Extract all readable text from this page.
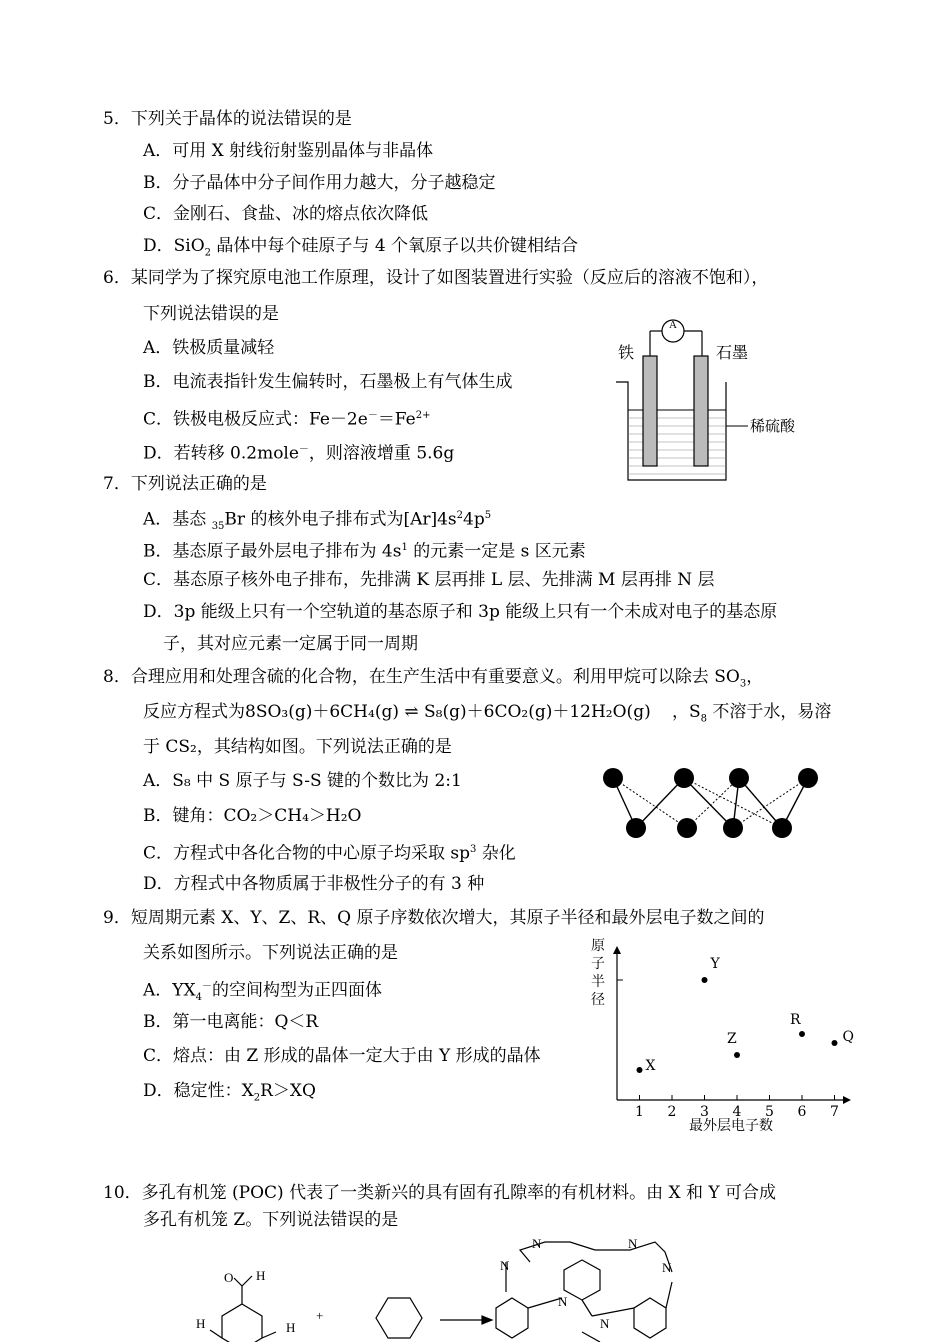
5．下列关于晶体的说法错误的是
A．可用 X 射线衍射鉴别晶体与非晶体
B．分子晶体中分子间作用力越大，分子越稳定
C．金刚石、食盐、冰的熔点依次降低
D．SiO$_2$ 晶体中每个硅原子与 4 个氧原子以共价键相结合
6．某同学为了探究原电池工作原理，设计了如图装置进行实验（反应后的溶液不饱和），
下列说法错误的是
A．铁极质量减轻
B．电流表指针发生偏转时，石墨极上有气体生成
C．铁极电极反应式：$Fe-2e^-=Fe^{2+}$
D．若转移 0.2mole－，则溶液增重 5.6g
A
铁	石墨
稀硫酸
7．下列说法正确的是
A．基态 $_{35}$Br 的核外电子排布式为$[Ar]4s^24p^5$
B．基态原子最外层电子排布为 $4s^1$ 的元素一定是 s 区元素
C．基态原子核外电子排布，先排满 K 层再排 L 层、先排满 M 层再排 N 层
D．3p 能级上只有一个空轨道的基态原子和 3p 能级上只有一个未成对电子的基态原
子，其对应元素一定属于同一周期
8．合理应用和处理含硫的化合物，在生产生活中有重要意义。利用甲烷可以除去 $SO_3$，
反应方程式为8SO₃(g)＋6CH₄(g) ⇌ S₈(g)＋6CO₂(g)＋12H₂O(g) ，$S_8$ 不溶于水，易溶
于 CS₂，其结构如图。下列说法正确的是
A．S₈ 中 S 原子与 S-S 键的个数比为 2:1
B．键角：CO₂＞CH₄＞H₂O
C．方程式中各化合物的中心原子均采取 $sp^3$ 杂化
D．方程式中各物质属于非极性分子的有 3 种
9．短周期元素 X、Y、Z、R、Q 原子序数依次增大，其原子半径和最外层电子数之间的
关系如图所示。下列说法正确的是
A．$YX_4^-$的空间构型为正四面体
B．第一电离能：Q＜R
C．熔点：由 Z 形成的晶体一定大于由 Y 形成的晶体
D．稳定性：$X_2R>XQ$
原
子
半
径
1 2 3 4 5 6 7
X
Y
Z
R
Q
最外层电子数
10．多孔有机笼 (POC) 代表了一类新兴的具有固有孔隙率的有机材料。由 X 和 Y 可合成
多孔有机笼 Z。下列说法错误的是
O H
H	H
+
N	N
N	N
N
N
